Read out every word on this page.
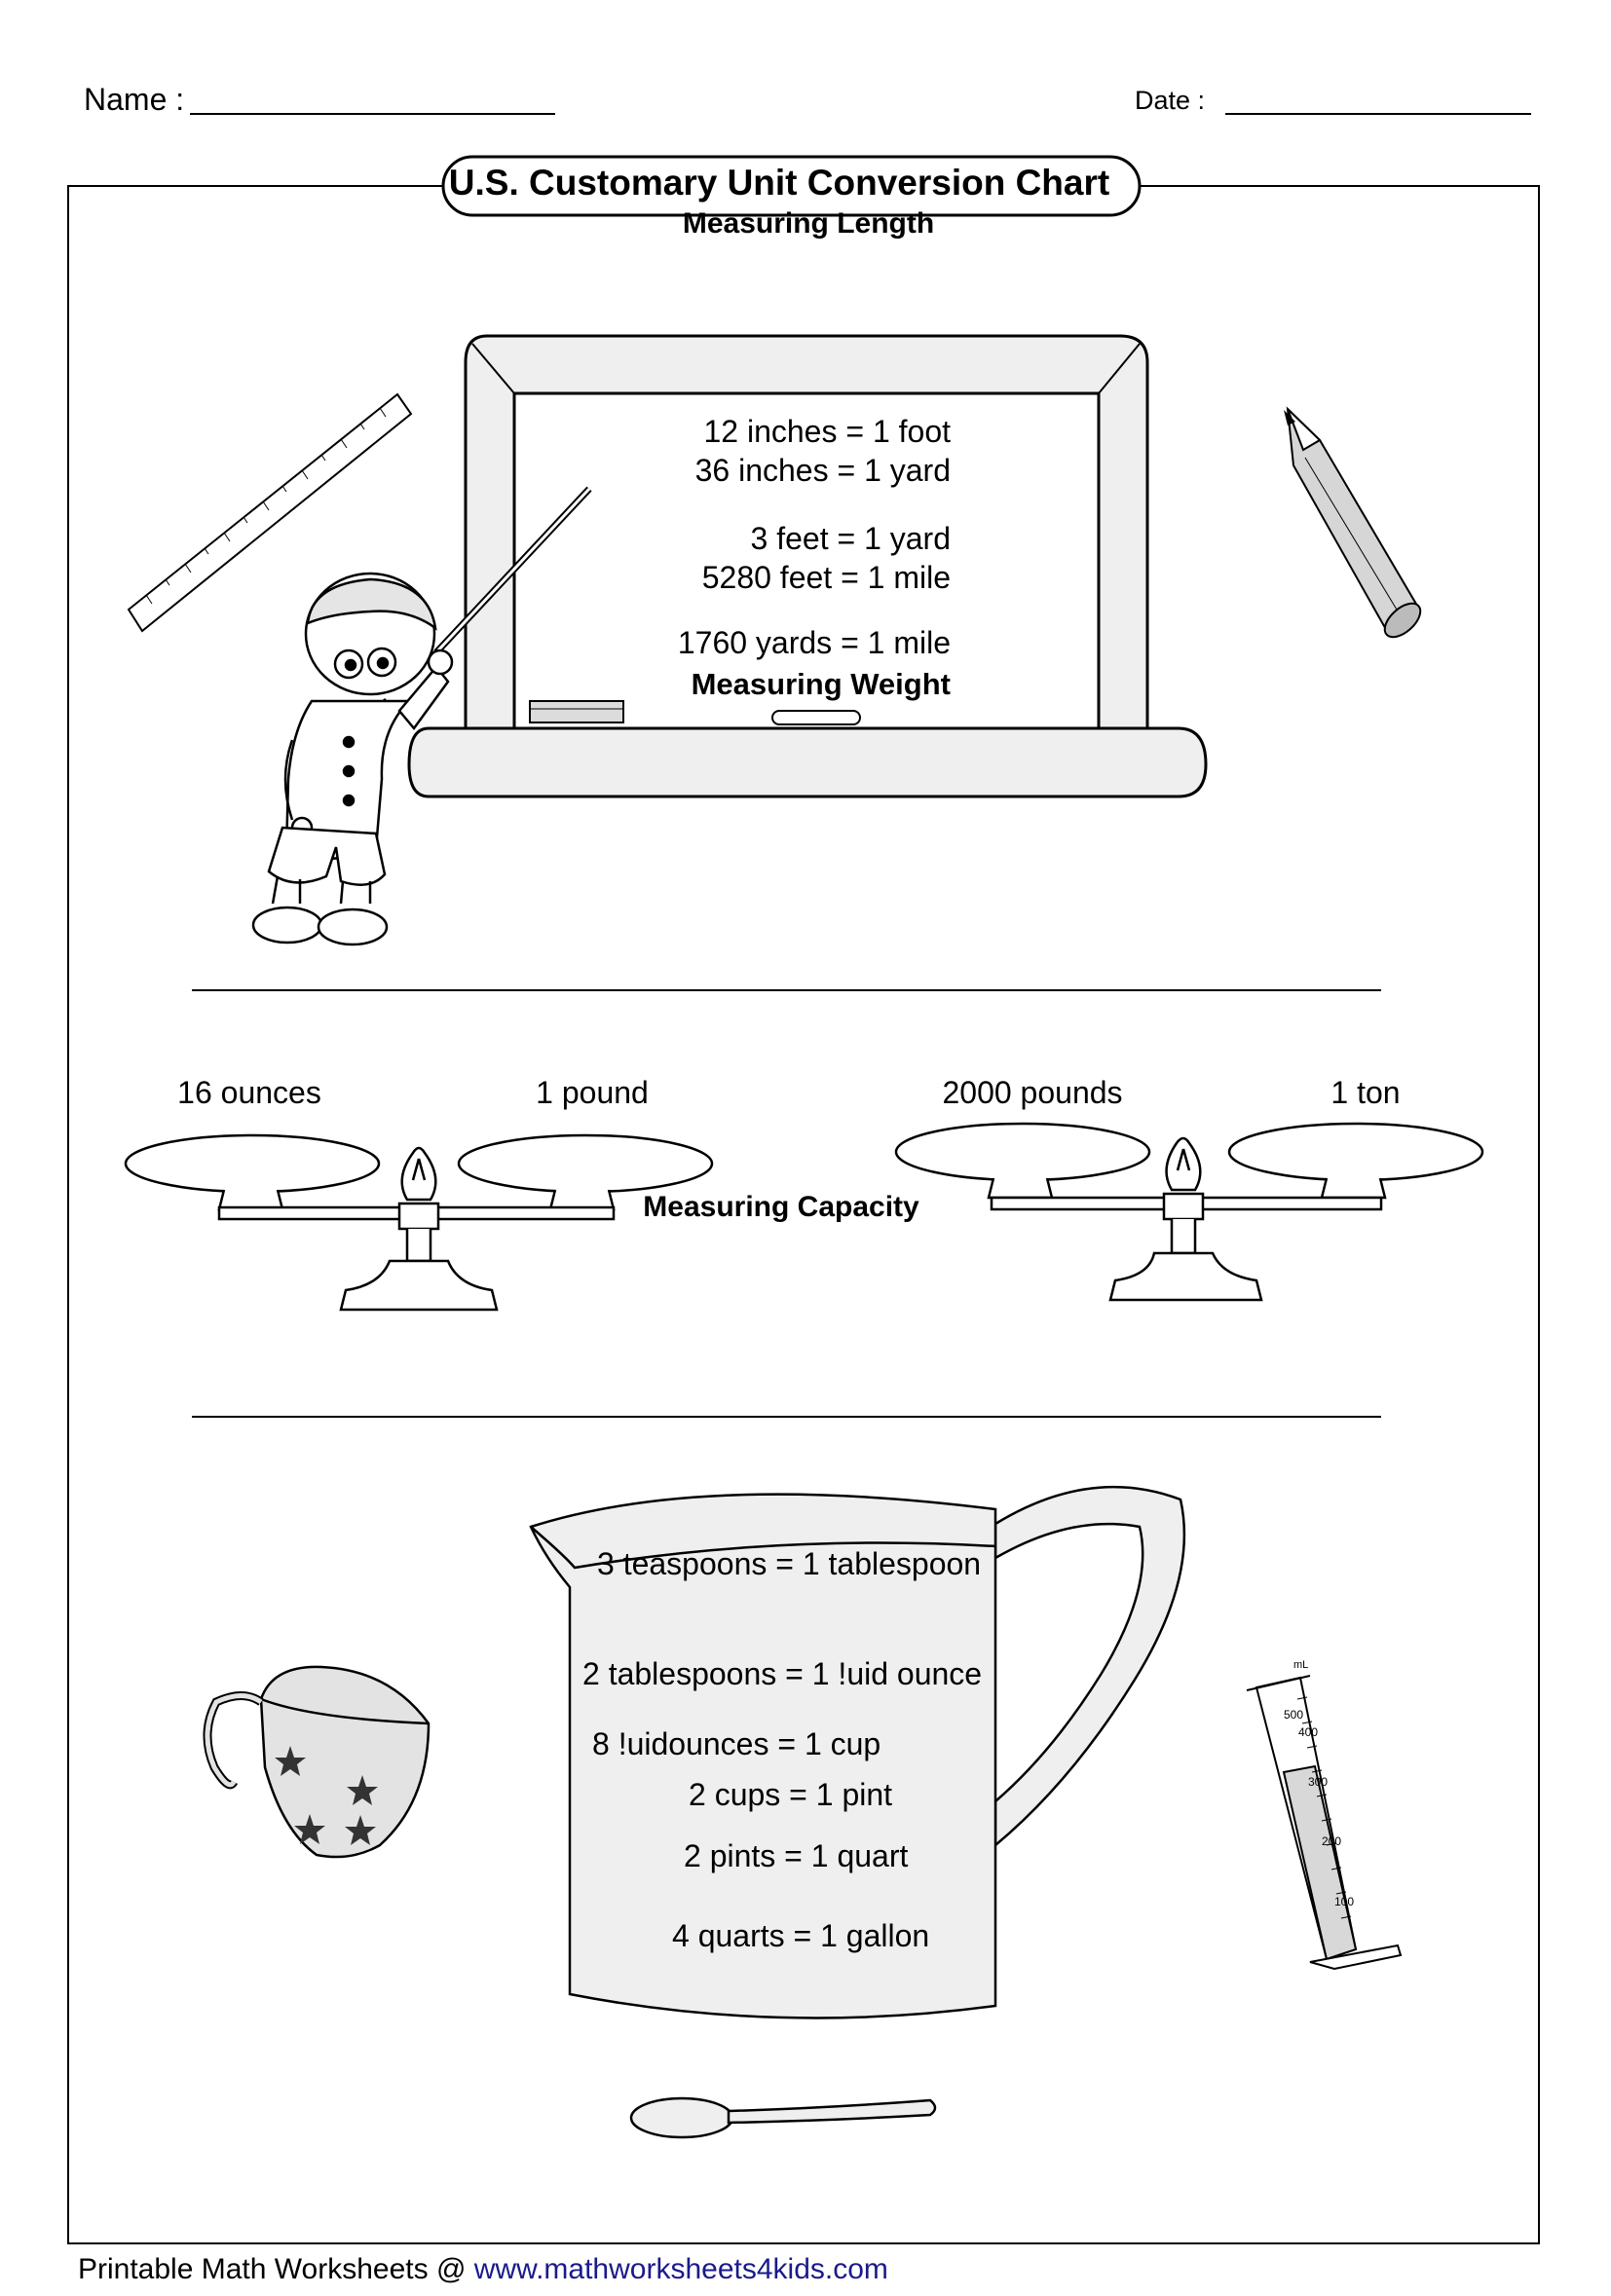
Name :	Date :
U.S. Customary Unit Conversion Chart
Measuring Length
12 inches = 1 foot
36 inches = 1 yard
3 feet = 1 yard
5280 feet = 1 mile
1760 yards = 1 mile
Measuring Weight
16 ounces	1 pound	2000 pounds	1 ton
Measuring Capacity
3 teaspoons = 1 tablespoon
2 tablespoons = 1 !uid ounce
8 !uidounces = 1 cup
2 cups = 1 pint
2 pints = 1 quart
4 quarts = 1 gallon
mL
500
400
300
200
100
Printable Math Worksheets @ www.mathworksheets4kids.com
